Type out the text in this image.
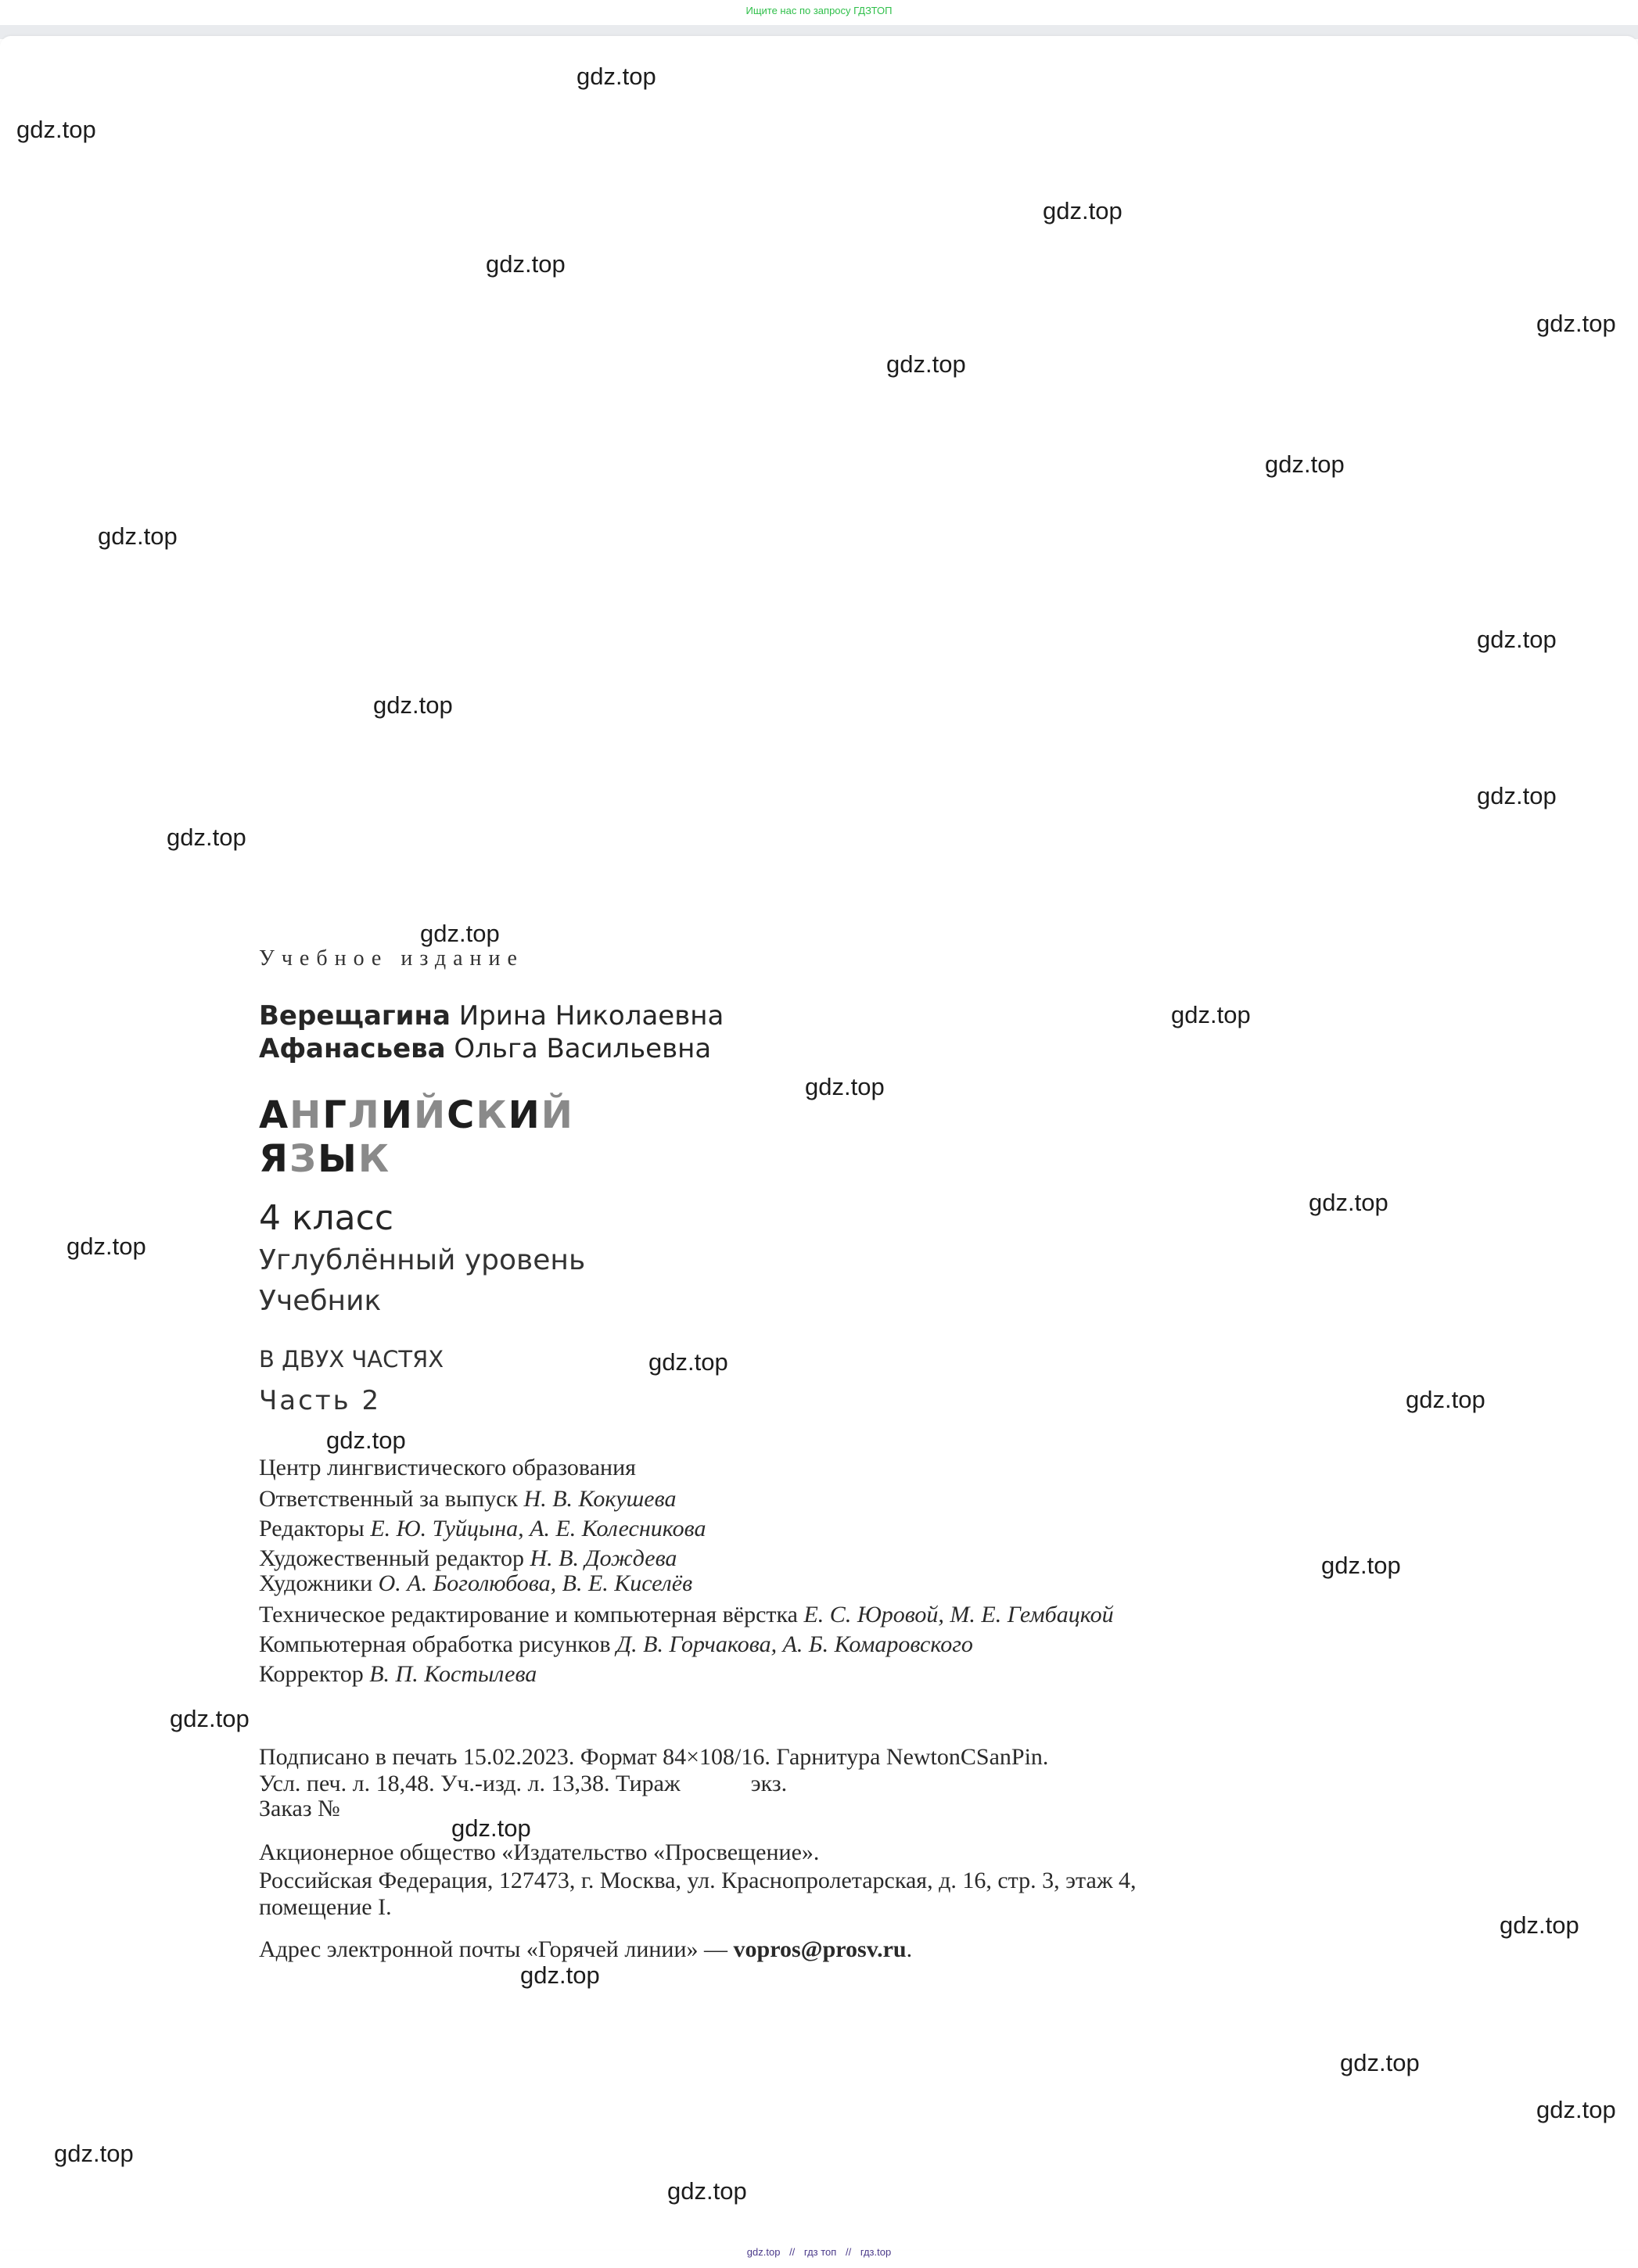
Ищите нас по запросу ГДЗТОП
gdz.top
gdz.top
gdz.top
gdz.top
gdz.top
gdz.top
gdz.top
gdz.top
gdz.top
gdz.top
gdz.top
gdz.top
gdz.top
gdz.top
gdz.top
gdz.top
gdz.top
gdz.top
gdz.top
gdz.top
gdz.top
gdz.top
gdz.top
gdz.top
gdz.top
gdz.top
gdz.top
gdz.top
gdz.top
Учебное издание
Верещагина Ирина Николаевна
Афанасьева Ольга Васильевна
АНГЛИЙСКИЙ
ЯЗЫК
4 класс
Углублённый уровень
Учебник
В ДВУХ ЧАСТЯХ
Часть 2
Центр лингвистического образования
Ответственный за выпуск Н. В. Кокушева
Редакторы Е. Ю. Туйцына, А. Е. Колесникова
Художественный редактор Н. В. Дождева
Художники О. А. Боголюбова, В. Е. Киселёв
Техническое редактирование и компьютерная вёрстка Е. С. Юровой, М. Е. Гембацкой
Компьютерная обработка рисунков Д. В. Горчакова, А. Б. Комаровского
Корректор В. П. Костылева
Подписано в печать 15.02.2023. Формат 84×108/16. Гарнитура NewtonCSanPin.
Усл. печ. л. 18,48. Уч.-изд. л. 13,38. Тираж            экз.
Заказ №
Акционерное общество «Издательство «Просвещение».
Российская Федерация, 127473, г. Москва, ул. Краснопролетарская, д. 16, стр. 3, этаж 4,
помещение I.
Адрес электронной почты «Горячей линии» — vopros@prosv.ru.
gdz.top // гдз топ // гдз.top
